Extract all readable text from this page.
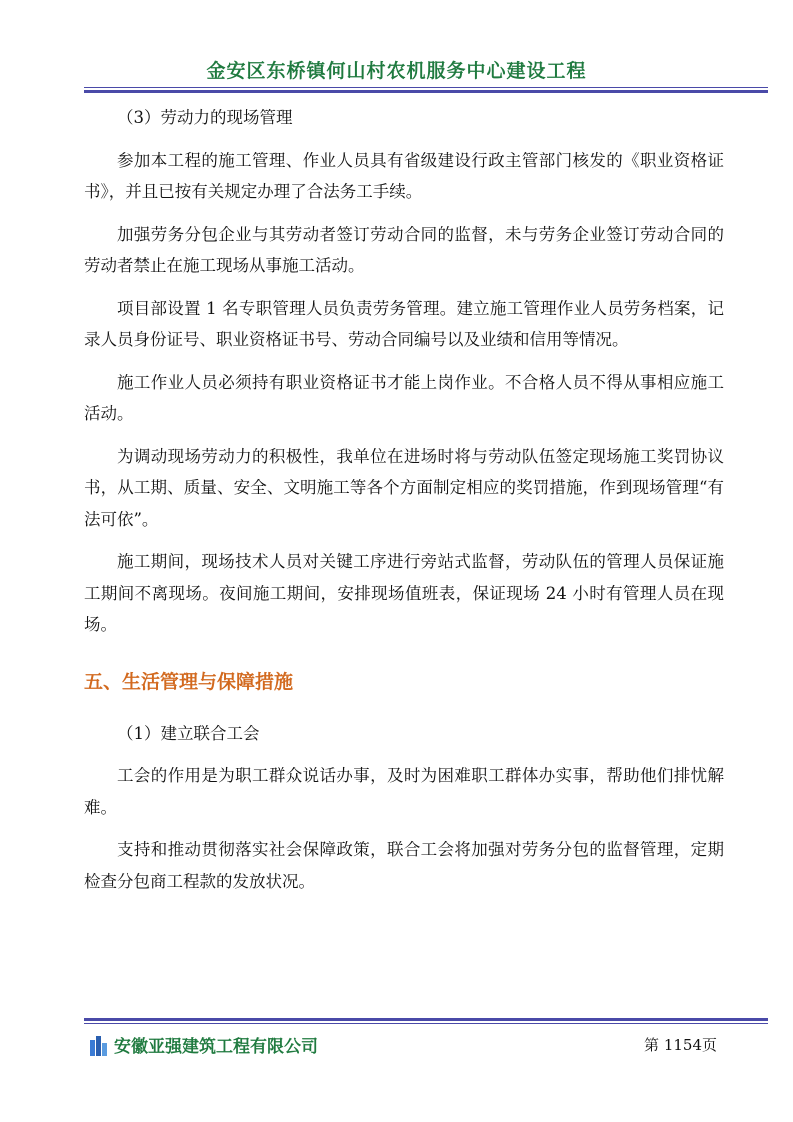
金安区东桥镇何山村农机服务中心建设工程
（3）劳动力的现场管理

参加本工程的施工管理、作业人员具有省级建设行政主管部门核发的《职业资格证书》，并且已按有关规定办理了合法务工手续。

加强劳务分包企业与其劳动者签订劳动合同的监督，未与劳务企业签订劳动合同的劳动者禁止在施工现场从事施工活动。

项目部设置 1 名专职管理人员负责劳务管理。建立施工管理作业人员劳务档案，记录人员身份证号、职业资格证书号、劳动合同编号以及业绩和信用等情况。

施工作业人员必须持有职业资格证书才能上岗作业。不合格人员不得从事相应施工活动。

为调动现场劳动力的积极性，我单位在进场时将与劳动队伍签定现场施工奖罚协议书，从工期、质量、安全、文明施工等各个方面制定相应的奖罚措施，作到现场管理“有法可依”。

施工期间，现场技术人员对关键工序进行旁站式监督，劳动队伍的管理人员保证施工期间不离现场。夜间施工期间，安排现场值班表，保证现场 24 小时有管理人员在现场。

五、生活管理与保障措施
（1）建立联合工会

工会的作用是为职工群众说话办事，及时为困难职工群体办实事，帮助他们排忧解难。

支持和推动贯彻落实社会保障政策，联合工会将加强对劳务分包的监督管理，定期检查分包商工程款的发放状况。

安徽亚强建筑工程有限公司	第 1154页
